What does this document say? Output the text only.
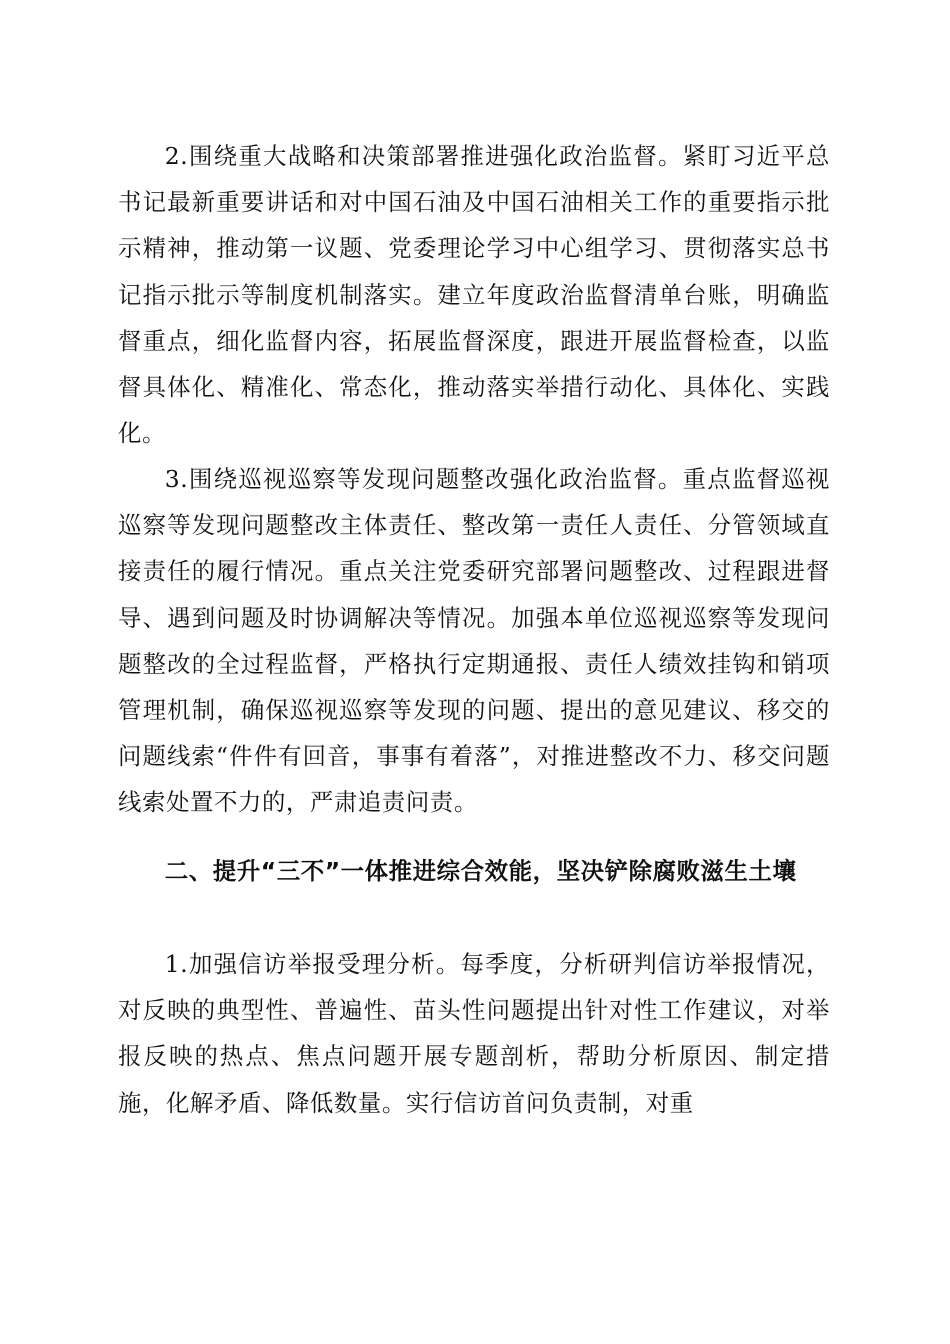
2.围绕重大战略和决策部署推进强化政治监督。紧盯习近平总书记最新重要讲话和对中国石油及中国石油相关工作的重要指示批示精神，推动第一议题、党委理论学习中心组学习、贯彻落实总书记指示批示等制度机制落实。建立年度政治监督清单台账，明确监督重点，细化监督内容，拓展监督深度，跟进开展监督检查，以监督具体化、精准化、常态化，推动落实举措行动化、具体化、实践化。

3.围绕巡视巡察等发现问题整改强化政治监督。重点监督巡视巡察等发现问题整改主体责任、整改第一责任人责任、分管领域直接责任的履行情况。重点关注党委研究部署问题整改、过程跟进督导、遇到问题及时协调解决等情况。加强本单位巡视巡察等发现问题整改的全过程监督，严格执行定期通报、责任人绩效挂钩和销项管理机制，确保巡视巡察等发现的问题、提出的意见建议、移交的问题线索“件件有回音，事事有着落”，对推进整改不力、移交问题线索处置不力的，严肃追责问责。

二、提升“三不”一体推进综合效能，坚决铲除腐败滋生土壤

1.加强信访举报受理分析。每季度，分析研判信访举报情况，对反映的典型性、普遍性、苗头性问题提出针对性工作建议，对举报反映的热点、焦点问题开展专题剖析，帮助分析原因、制定措施，化解矛盾、降低数量。实行信访首问负责制，对重
